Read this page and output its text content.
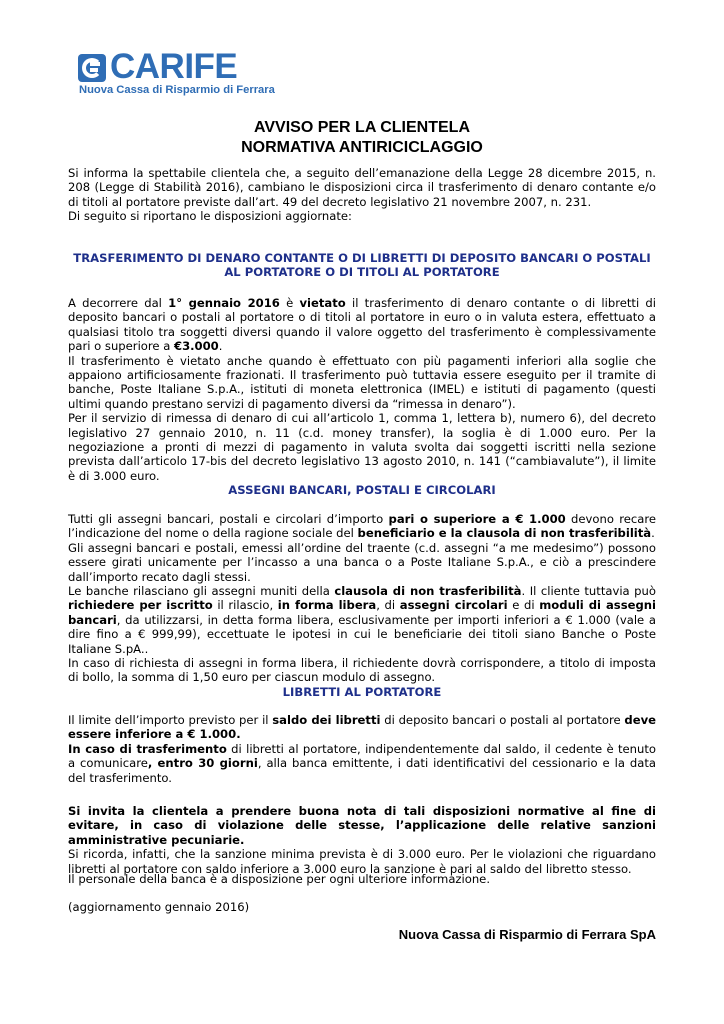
CARIFE
Nuova Cassa di Risparmio di Ferrara
AVVISO PER LA CLIENTELA
NORMATIVA ANTIRICICLAGGIO

Si informa la spettabile clientela che, a seguito dell’emanazione della Legge 28 dicembre 2015, n. 208 (Legge di Stabilità 2016), cambiano le disposizioni circa il trasferimento di denaro contante e/o di titoli al portatore previste dall’art. 49 del decreto legislativo 21 novembre 2007, n. 231.

Di seguito si riportano le disposizioni aggiornate:

TRASFERIMENTO DI DENARO CONTANTE O DI LIBRETTI DI DEPOSITO BANCARI O POSTALI AL PORTATORE O DI TITOLI AL PORTATORE

A decorrere dal 1° gennaio 2016 è vietato il trasferimento di denaro contante o di libretti di deposito bancari o postali al portatore o di titoli al portatore in euro o in valuta estera, effettuato a qualsiasi titolo tra soggetti diversi quando il valore oggetto del trasferimento è complessivamente pari o superiore a €3.000.

Il trasferimento è vietato anche quando è effettuato con più pagamenti inferiori alla soglie che appaiono artificiosamente frazionati. Il trasferimento può tuttavia essere eseguito per il tramite di banche, Poste Italiane S.p.A., istituti di moneta elettronica (IMEL) e istituti di pagamento (questi ultimi quando prestano servizi di pagamento diversi da “rimessa in denaro”).

Per il servizio di rimessa di denaro di cui all’articolo 1, comma 1, lettera b), numero 6), del decreto legislativo 27 gennaio 2010, n. 11 (c.d. money transfer), la soglia è di 1.000 euro. Per la negoziazione a pronti di mezzi di pagamento in valuta svolta dai soggetti iscritti nella sezione prevista dall’articolo 17-bis del decreto legislativo 13 agosto 2010, n. 141 (“cambiavalute”), il limite è di 3.000 euro.

ASSEGNI BANCARI, POSTALI E CIRCOLARI

Tutti gli assegni bancari, postali e circolari d’importo pari o superiore a € 1.000 devono recare l’indicazione del nome o della ragione sociale del beneficiario e la clausola di non trasferibilità.

Gli assegni bancari e postali, emessi all’ordine del traente (c.d. assegni “a me medesimo”) possono essere girati unicamente per l’incasso a una banca o a Poste Italiane S.p.A., e ciò a prescindere dall’importo recato dagli stessi.

Le banche rilasciano gli assegni muniti della clausola di non trasferibilità. Il cliente tuttavia può richiedere per iscritto il rilascio, in forma libera, di assegni circolari e di moduli di assegni bancari, da utilizzarsi, in detta forma libera, esclusivamente per importi inferiori a € 1.000 (vale a dire fino a € 999,99), eccettuate le ipotesi in cui le beneficiarie dei titoli siano Banche o Poste Italiane S.pA..

In caso di richiesta di assegni in forma libera, il richiedente dovrà corrispondere, a titolo di imposta di bollo, la somma di 1,50 euro per ciascun modulo di assegno.

LIBRETTI AL PORTATORE

Il limite dell’importo previsto per il saldo dei libretti di deposito bancari o postali al portatore deve essere inferiore a € 1.000.

In caso di trasferimento di libretti al portatore, indipendentemente dal saldo, il cedente è tenuto a comunicare, entro 30 giorni, alla banca emittente, i dati identificativi del cessionario e la data del trasferimento.

Si invita la clientela a prendere buona nota di tali disposizioni normative al fine di evitare, in caso di violazione delle stesse, l’applicazione delle relative sanzioni amministrative pecuniarie.

Si ricorda, infatti, che la sanzione minima prevista è di 3.000 euro. Per le violazioni che riguardano libretti al portatore con saldo inferiore a 3.000 euro la sanzione è pari al saldo del libretto stesso.

Il personale della banca è a disposizione per ogni ulteriore informazione.
(aggiornamento gennaio 2016)
Nuova Cassa di Risparmio di Ferrara SpA
